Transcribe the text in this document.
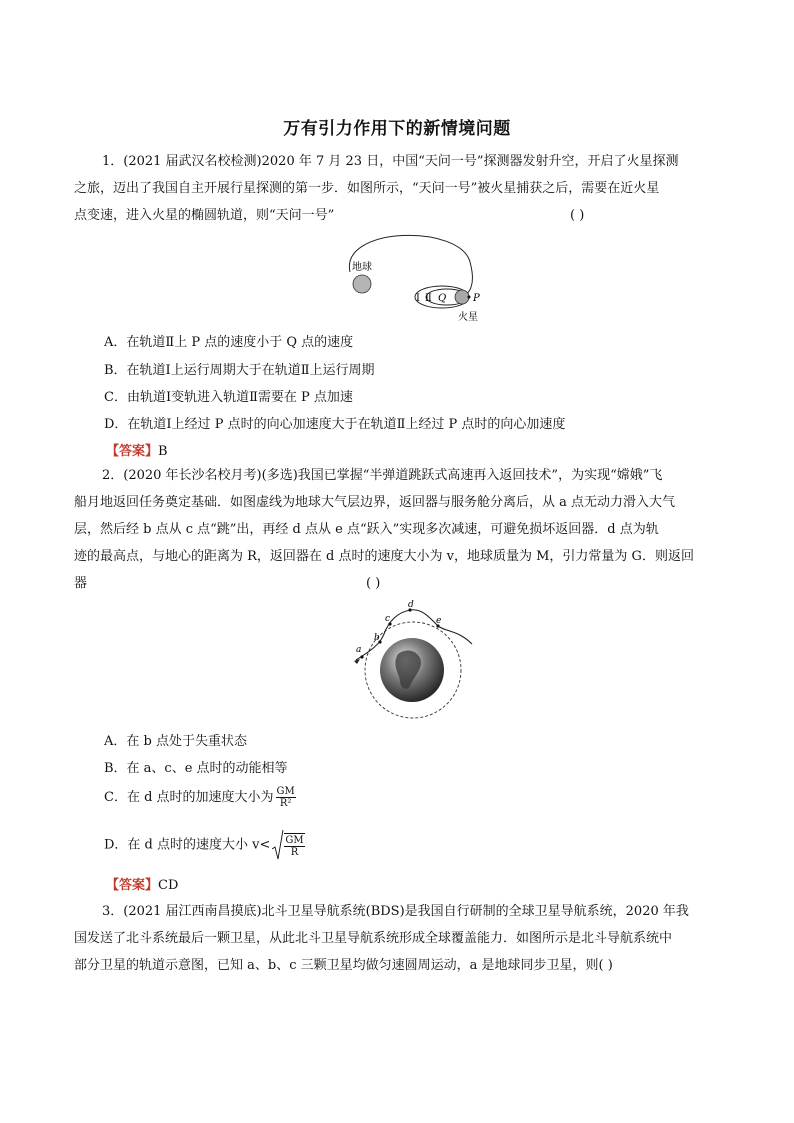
万有引力作用下的新情境问题
1．(2021 届武汉名校检测)2020 年 7 月 23 日，中国“天问一号”探测器发射升空，开启了火星探测
之旅，迈出了我国自主开展行星探测的第一步．如图所示，“天问一号”被火星捕获之后，需要在近火星
点变速，进入火星的椭圆轨道，则“天问一号”	( )
地球
Ⅰ Ⅱ Q	P
火星
A．在轨道Ⅱ上 P 点的速度小于 Q 点的速度
B．在轨道Ⅰ上运行周期大于在轨道Ⅱ上运行周期
C．由轨道Ⅰ变轨进入轨道Ⅱ需要在 P 点加速
D．在轨道Ⅰ上经过 P 点时的向心加速度大于在轨道Ⅱ上经过 P 点时的向心加速度
【答案】B
2．(2020 年长沙名校月考)(多选)我国已掌握“半弹道跳跃式高速再入返回技术”，为实现“嫦娥”飞
船月地返回任务奠定基础．如图虚线为地球大气层边界，返回器与服务舱分离后，从 a 点无动力滑入大气
层，然后经 b 点从 c 点“跳”出，再经 d 点从 e 点“跃入”实现多次减速，可避免损坏返回器．d 点为轨
迹的最高点，与地心的距离为 R，返回器在 d 点时的速度大小为 v，地球质量为 M，引力常量为 G．则返回
器	( )
a
b
c
d
e
A．在 b 点处于失重状态
B．在 a、c、e 点时的动能相等
C．在 d 点时的加速度大小为 $\frac{GM}{\text{R²}}$
D．在 d 点时的速度大小 $v< \frac{GM}{R}$
【答案】CD
3．(2021 届江西南昌摸底)北斗卫星导航系统(BDS)是我国自行研制的全球卫星导航系统，2020 年我
国发送了北斗系统最后一颗卫星，从此北斗卫星导航系统形成全球覆盖能力．如图所示是北斗导航系统中
部分卫星的轨道示意图，已知 a、b、c 三颗卫星均做匀速圆周运动，a 是地球同步卫星，则( )
